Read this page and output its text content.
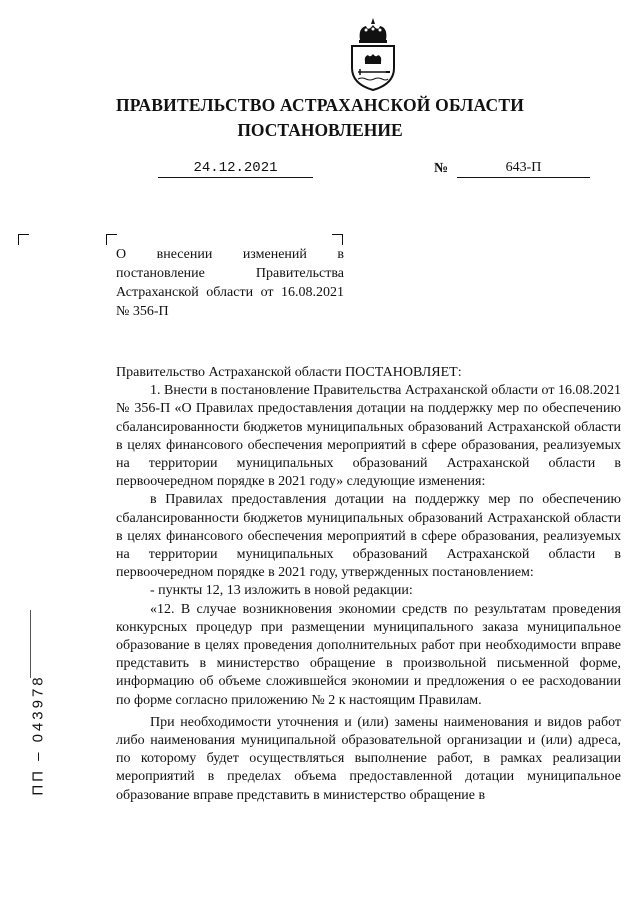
ПРАВИТЕЛЬСТВО АСТРАХАНСКОЙ ОБЛАСТИ
ПОСТАНОВЛЕНИЕ
24.12.2021	№	643-П

О внесении изменений в постановление Правительства Астраханской области от 16.08.2021 № 356-П

Правительство Астраханской области ПОСТАНОВЛЯЕТ:

1. Внести в постановление Правительства Астраханской области от 16.08.2021 № 356-П «О Правилах предоставления дотации на поддержку мер по обеспечению сбалансированности бюджетов муниципальных образований Астраханской области в целях финансового обеспечения мероприятий в сфере образования, реализуемых на территории муниципальных образований Астраханской области в первоочередном порядке в 2021 году» следующие изменения:

в Правилах предоставления дотации на поддержку мер по обеспечению сбалансированности бюджетов муниципальных образований Астраханской области в целях финансового обеспечения мероприятий в сфере образования, реализуемых на территории муниципальных образований Астраханской области в первоочередном порядке в 2021 году, утвержденных постановлением:

- пункты 12, 13 изложить в новой редакции:

«12. В случае возникновения экономии средств по результатам проведения конкурсных процедур при размещении муниципального заказа муниципальное образование в целях проведения дополнительных работ при необходимости вправе представить в министерство обращение в произвольной письменной форме, информацию об объеме сложившейся экономии и предложения о ее расходовании по форме согласно приложению № 2 к настоящим Правилам.

При необходимости уточнения и (или) замены наименования и видов работ либо наименования муниципальной образовательной организации и (или) адреса, по которому будет осуществляться выполнение работ, в рамках реализации мероприятий в пределах объема предоставленной дотации муниципальное образование вправе представить в министерство обращение в

ПП – 043978
